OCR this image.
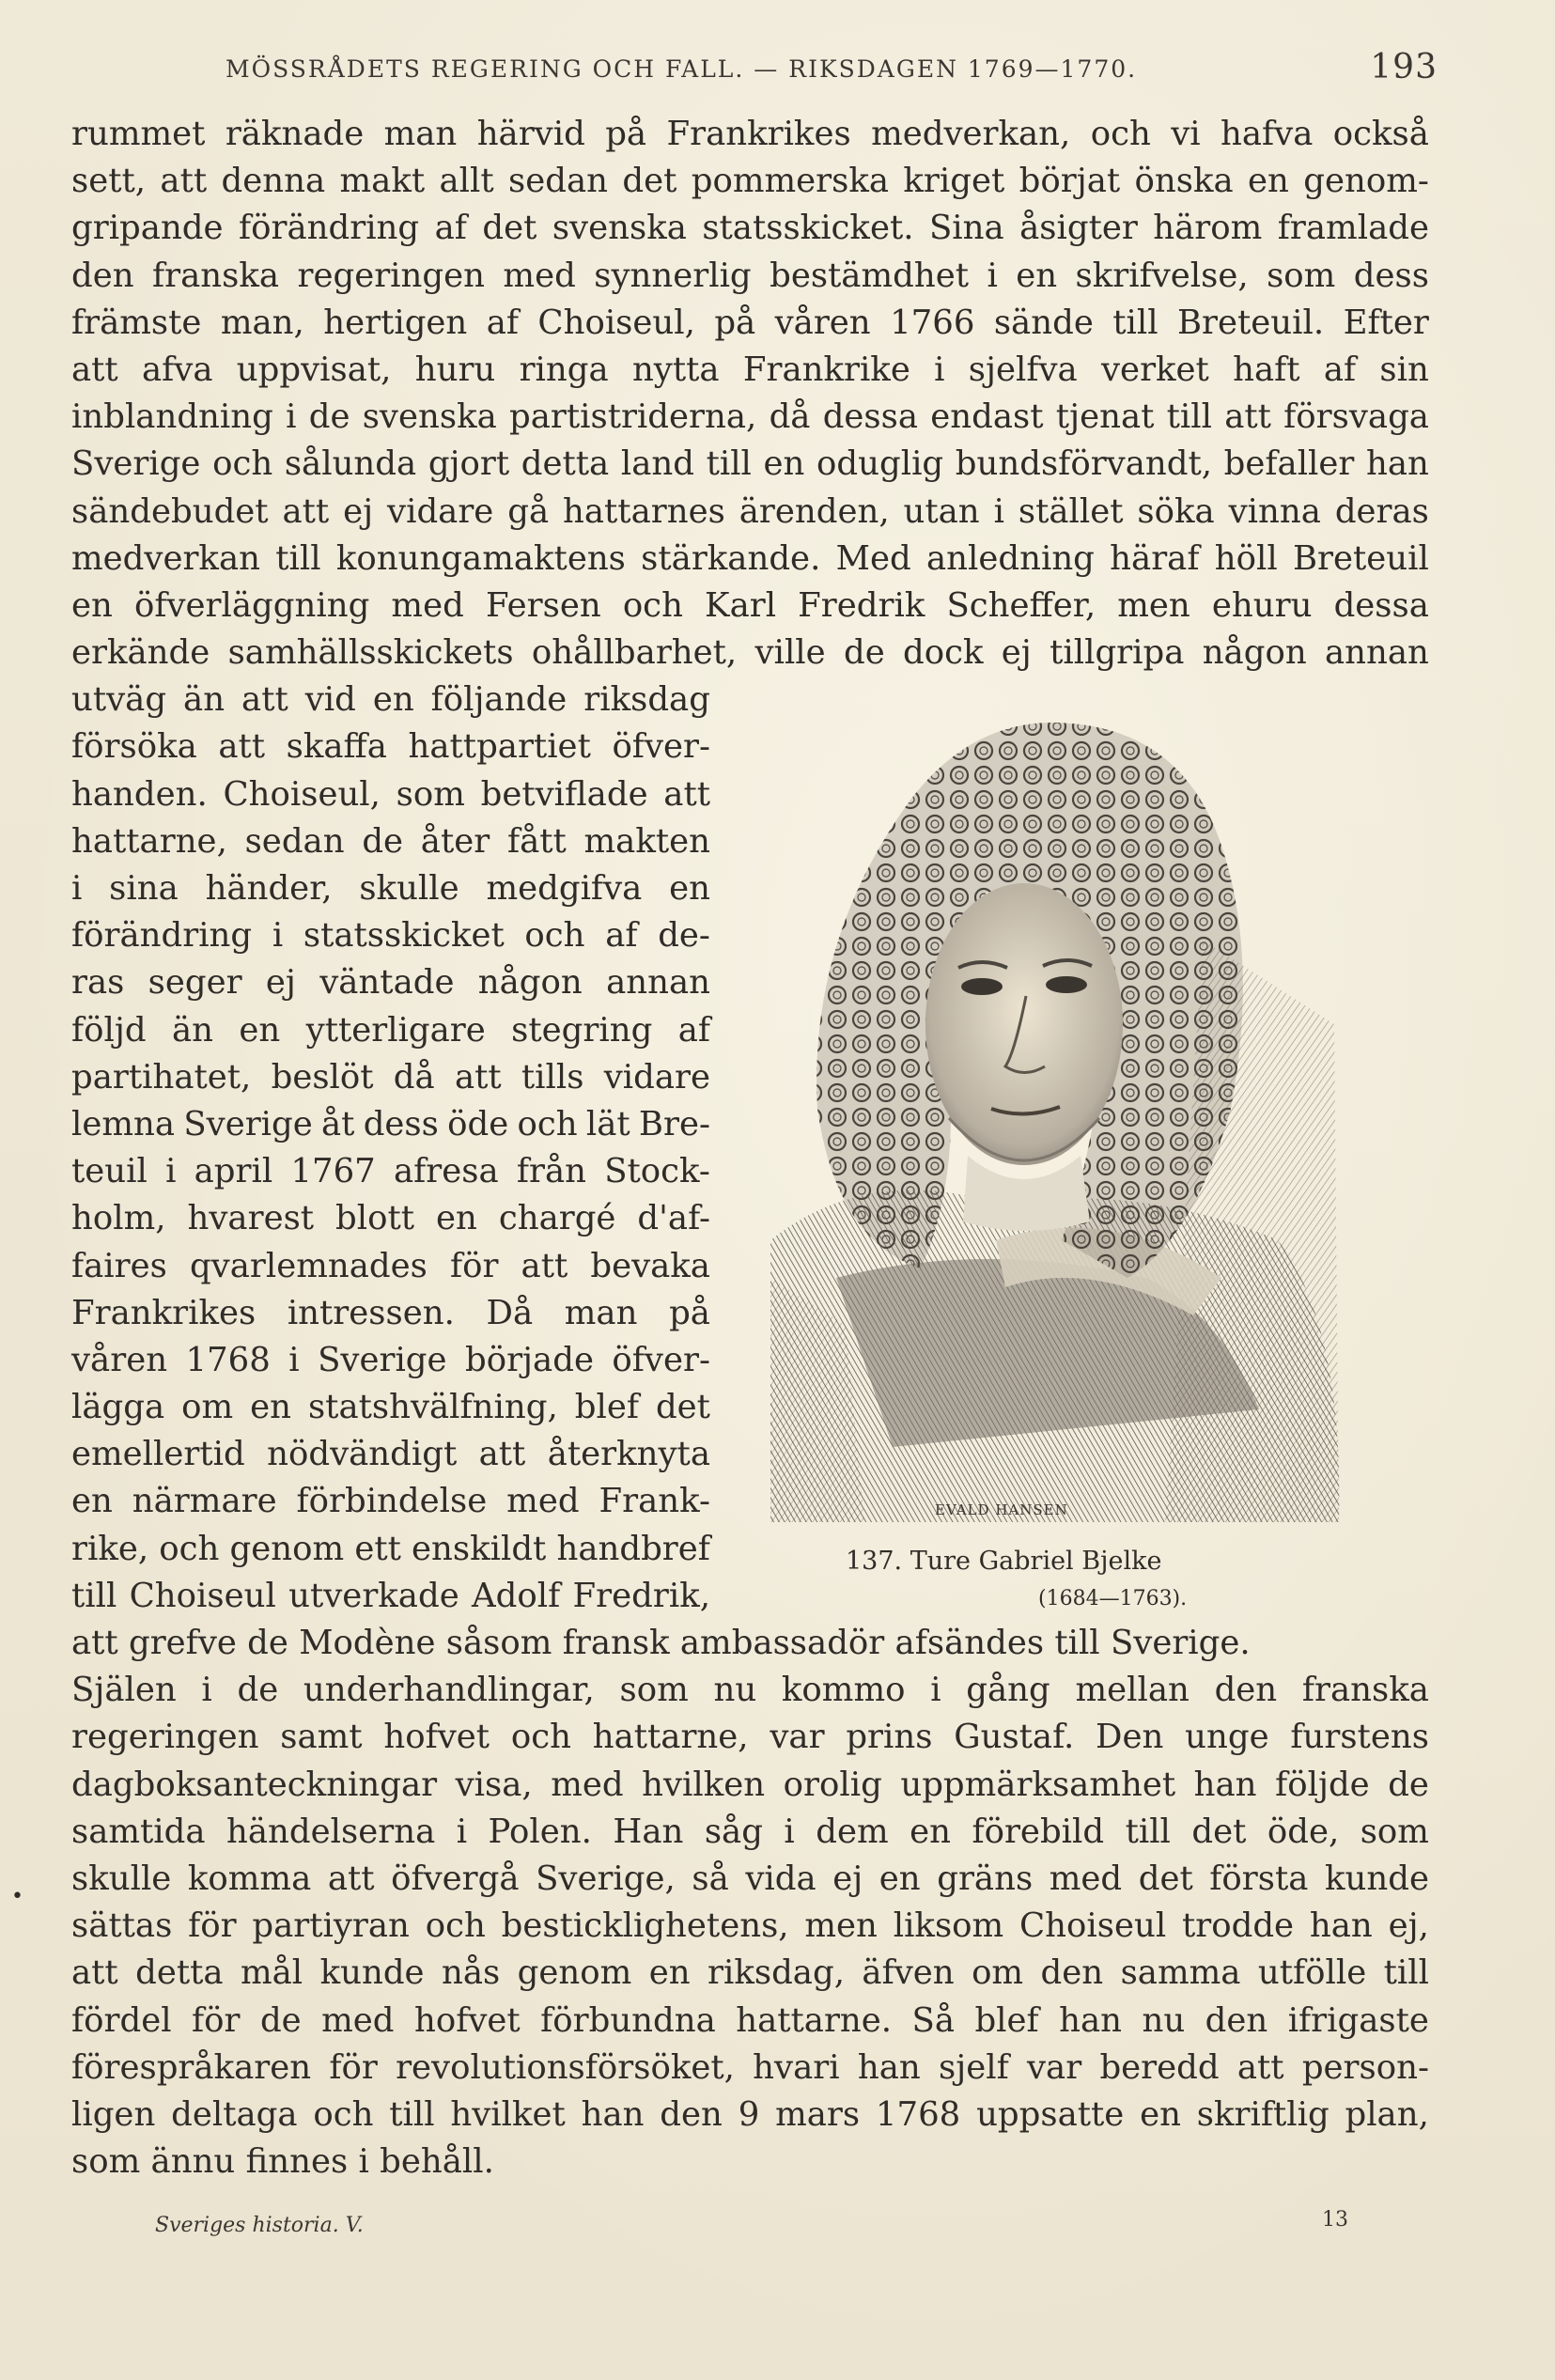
MÖSSRÅDETS REGERING OCH FALL. — RIKSDAGEN 1769—1770.	193
rummet räknade man härvid på Frankrikes medverkan, och vi hafva också
sett, att denna makt allt sedan det pommerska kriget börjat önska en genom-
gripande förändring af det svenska statsskicket. Sina åsigter härom framlade
den franska regeringen med synnerlig bestämdhet i en skrifvelse, som dess
främste man, hertigen af Choiseul, på våren 1766 sände till Breteuil. Efter
att afva uppvisat, huru ringa nytta Frankrike i sjelfva verket haft af sin
inblandning i de svenska partistriderna, då dessa endast tjenat till att försvaga
Sverige och sålunda gjort detta land till en oduglig bundsförvandt, befaller han
sändebudet att ej vidare gå hattarnes ärenden, utan i stället söka vinna deras
medverkan till konungamaktens stärkande. Med anledning häraf höll Breteuil
en öfverläggning med Fersen och Karl Fredrik Scheffer, men ehuru dessa
erkände samhällsskickets ohållbarhet, ville de dock ej tillgripa någon annan
utväg än att vid en följande riksdag
försöka att skaffa hattpartiet öfver-
handen. Choiseul, som betviflade att
hattarne, sedan de åter fått makten
i sina händer, skulle medgifva en
förändring i statsskicket och af de-
ras seger ej väntade någon annan
följd än en ytterligare stegring af
partihatet, beslöt då att tills vidare
lemna Sverige åt dess öde och lät Bre-
teuil i april 1767 afresa från Stock-
holm, hvarest blott en chargé d'af-
faires qvarlemnades för att bevaka
Frankrikes intressen. Då man på
våren 1768 i Sverige började öfver-
lägga om en statshvälfning, blef det
emellertid nödvändigt att återknyta
en närmare förbindelse med Frank-
rike, och genom ett enskildt handbref
till Choiseul utverkade Adolf Fredrik,
att grefve de Modène såsom fransk ambassadör afsändes till Sverige.
Själen i de underhandlingar, som nu kommo i gång mellan den franska
regeringen samt hofvet och hattarne, var prins Gustaf. Den unge furstens
dagboksanteckningar visa, med hvilken orolig uppmärksamhet han följde de
samtida händelserna i Polen. Han såg i dem en förebild till det öde, som
skulle komma att öfvergå Sverige, så vida ej en gräns med det första kunde
sättas för partiyran och besticklighetens, men liksom Choiseul trodde han ej,
att detta mål kunde nås genom en riksdag, äfven om den samma utfölle till
fördel för de med hofvet förbundna hattarne. Så blef han nu den ifrigaste
förespråkaren för revolutionsförsöket, hvari han sjelf var beredd att person-
ligen deltaga och till hvilket han den 9 mars 1768 uppsatte en skriftlig plan,
som ännu finnes i behåll.
EVALD HANSEN
137. Ture Gabriel Bjelke
(1684—1763).
•
Sveriges historia. V.	13
